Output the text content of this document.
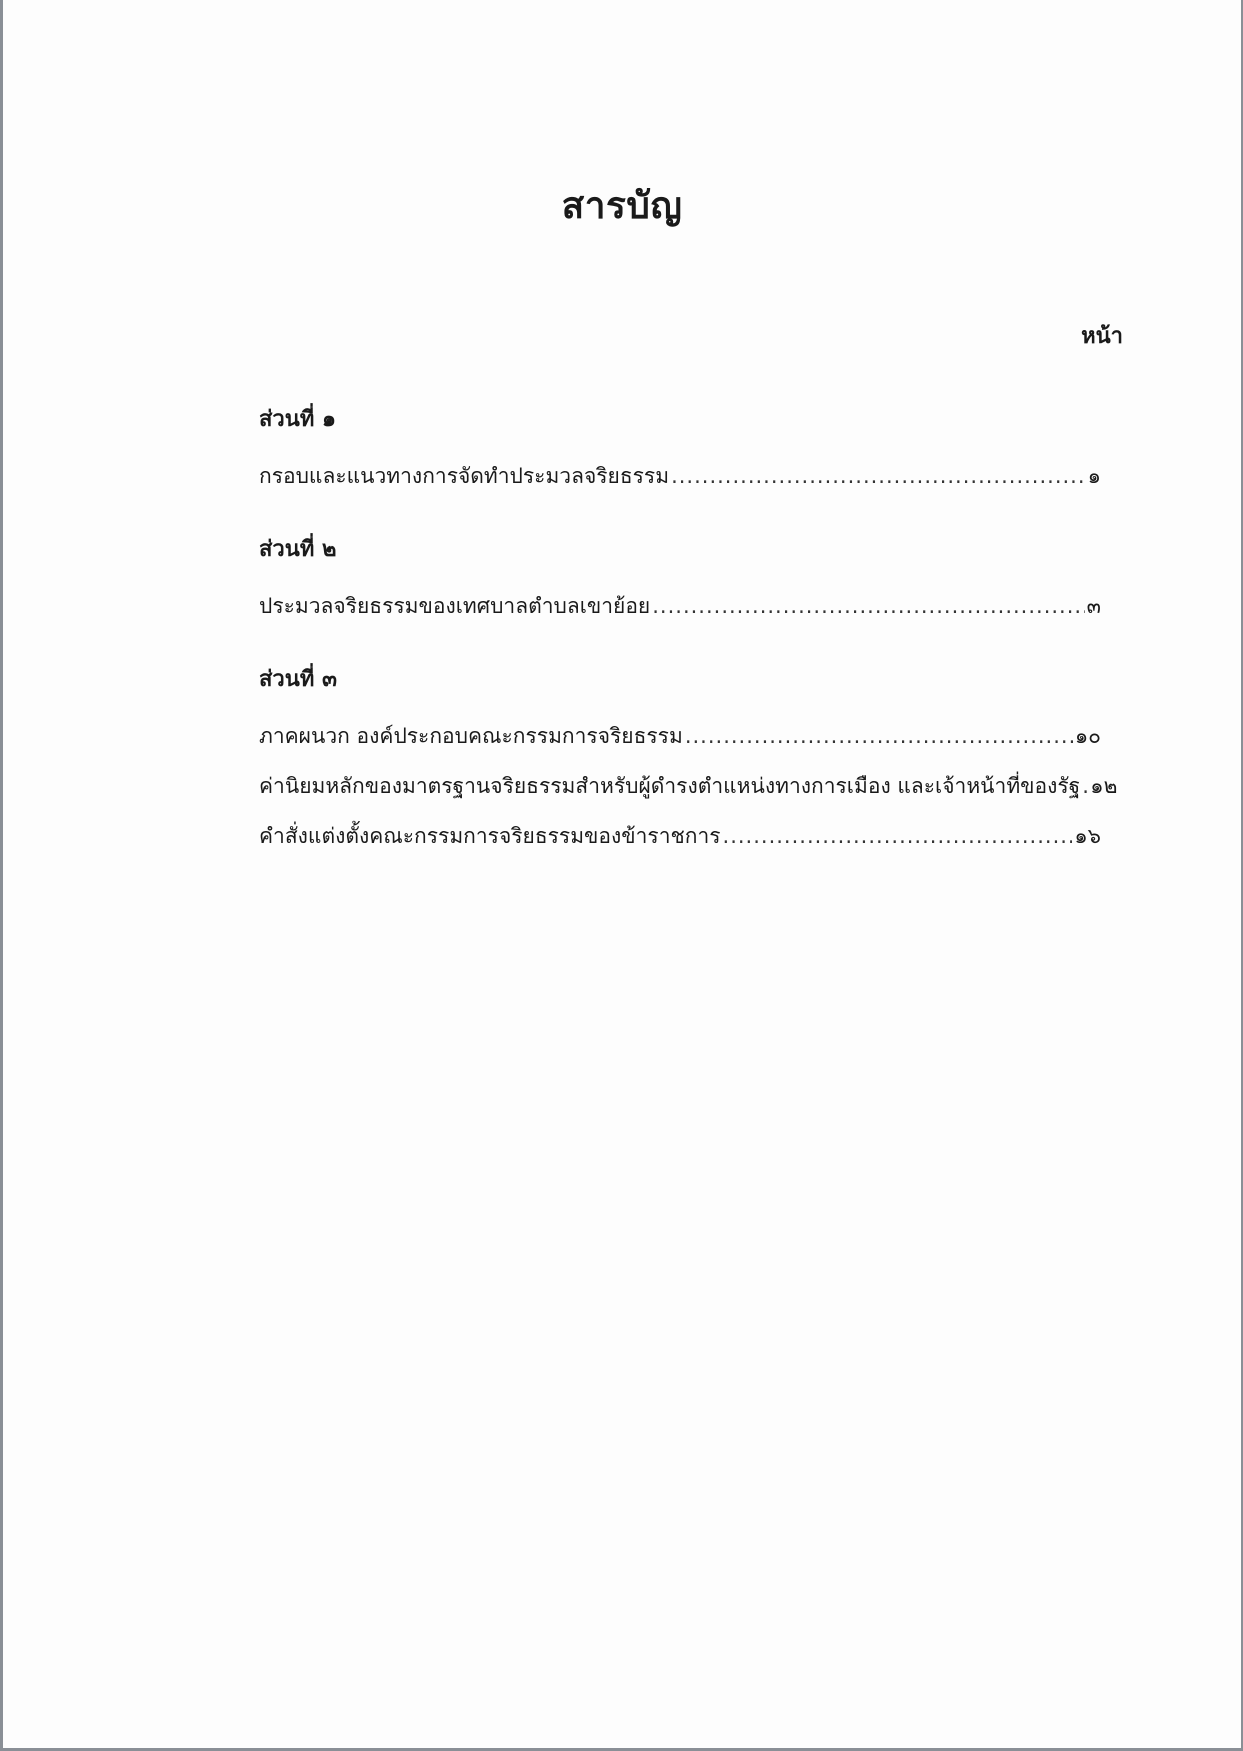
สารบัญ
หน้า
ส่วนที่ ๑
กรอบและแนวทางการจัดทำประมวลจริยธรรม .....	๑
ส่วนที่ ๒
ประมวลจริยธรรมของเทศบาลตำบลเขาย้อย .....	๓
ส่วนที่ ๓
ภาคผนวก องค์ประกอบคณะกรรมการจริยธรรม .....	๑๐
ค่านิยมหลักของมาตรฐานจริยธรรมสำหรับผู้ดำรงตำแหน่งทางการเมือง และเจ้าหน้าที่ของรัฐ ..... ๑๒
คำสั่งแต่งตั้งคณะกรรมการจริยธรรมของข้าราชการ .....	๑๖
